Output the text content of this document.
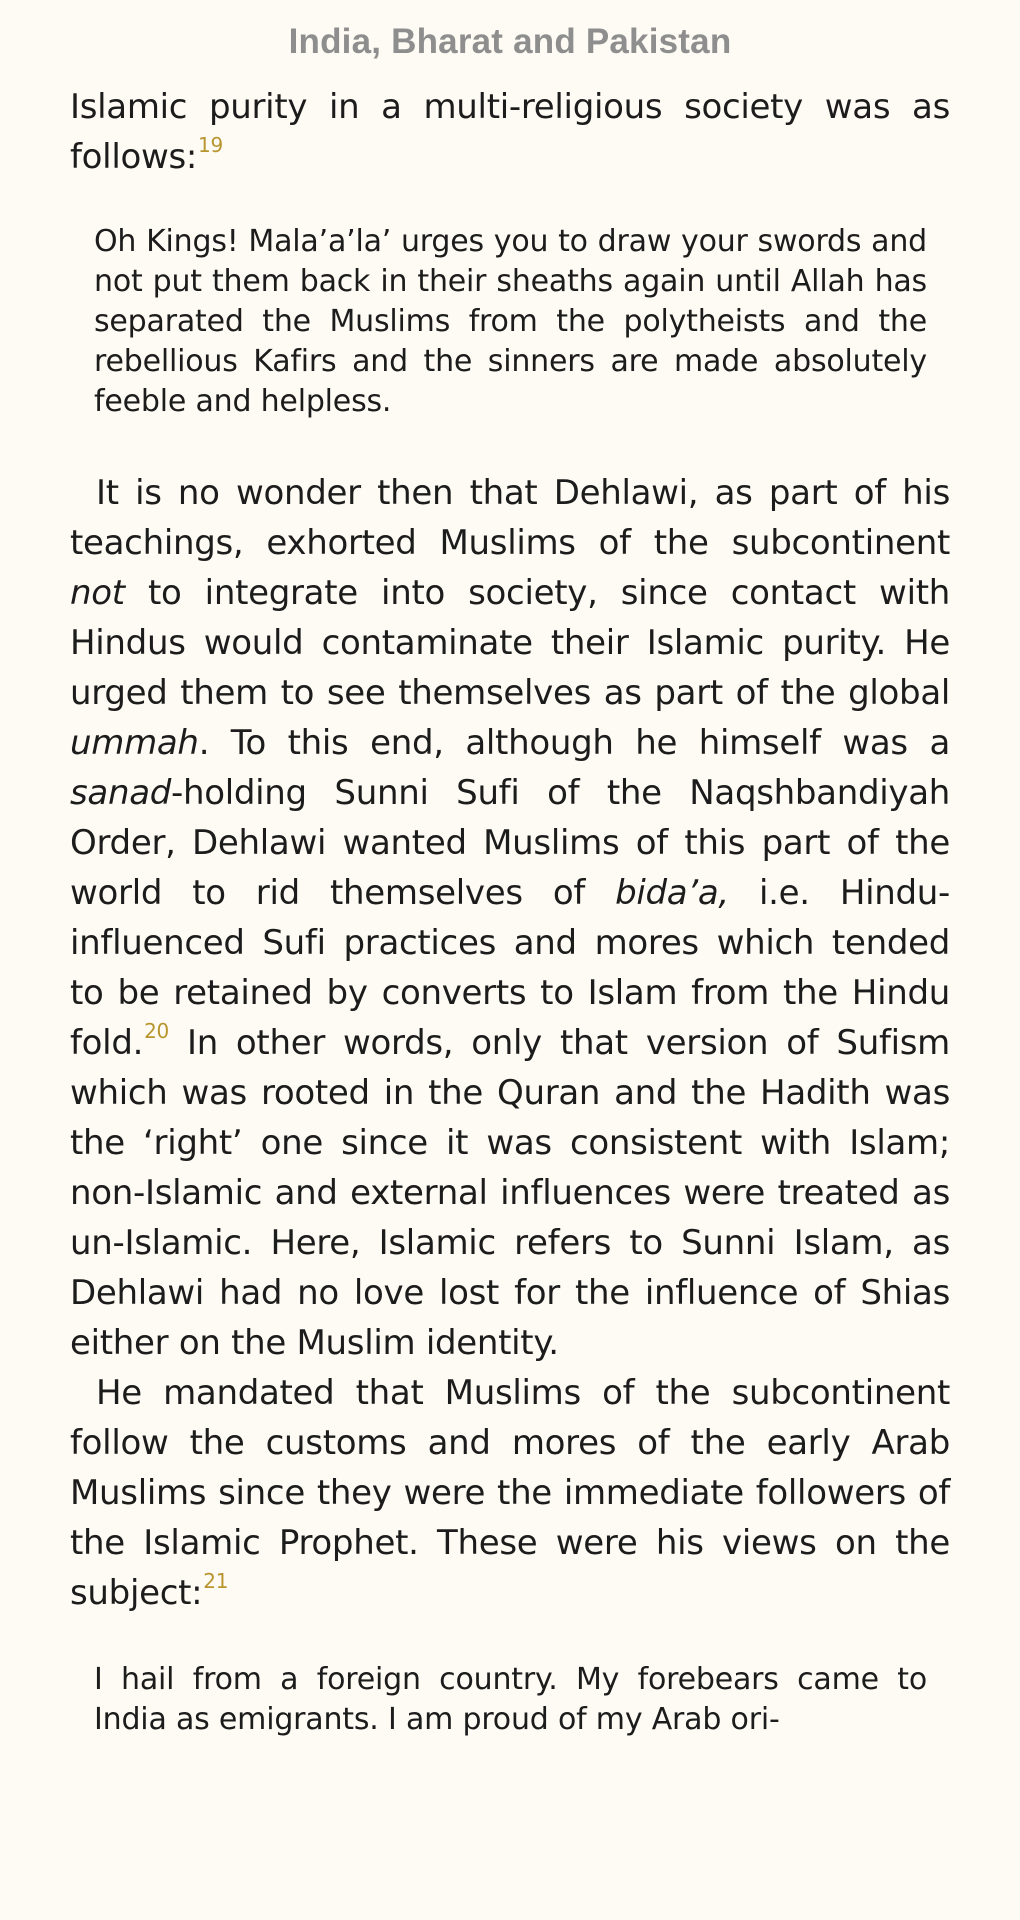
India, Bharat and Pakistan

Islamic purity in a multi-religious society was as follows:$^{19}$

Oh Kings! Mala’a’la’ urges you to draw your swords and not put them back in their sheaths again until Allah has separated the Muslims from the polytheists and the rebellious Kafirs and the sinners are made absolutely feeble and helpless.

It is no wonder then that Dehlawi, as part of his teachings, exhorted Muslims of the subcontinent not to integrate into society, since contact with Hindus would contaminate their Islamic purity. He urged them to see themselves as part of the global ummah. To this end, although he himself was a sanad-holding Sunni Sufi of the Naqshbandiyah Order, Dehlawi wanted Muslims of this part of the world to rid themselves of bida’a, i.e. Hindu-influenced Sufi practices and mores which tended to be retained by converts to Islam from the Hindu fold.$^{20}$ In other words, only that version of Sufism which was rooted in the Quran and the Hadith was the ‘right’ one since it was consistent with Islam; non-Islamic and external influences were treated as un-Islamic. Here, Islamic refers to Sunni Islam, as Dehlawi had no love lost for the influence of Shias either on the Muslim identity.

He mandated that Muslims of the subcontinent follow the customs and mores of the early Arab Muslims since they were the immediate followers of the Islamic Prophet. These were his views on the subject:$^{21}$

I hail from a foreign country. My forebears came to India as emigrants. I am proud of my Arab ori-
